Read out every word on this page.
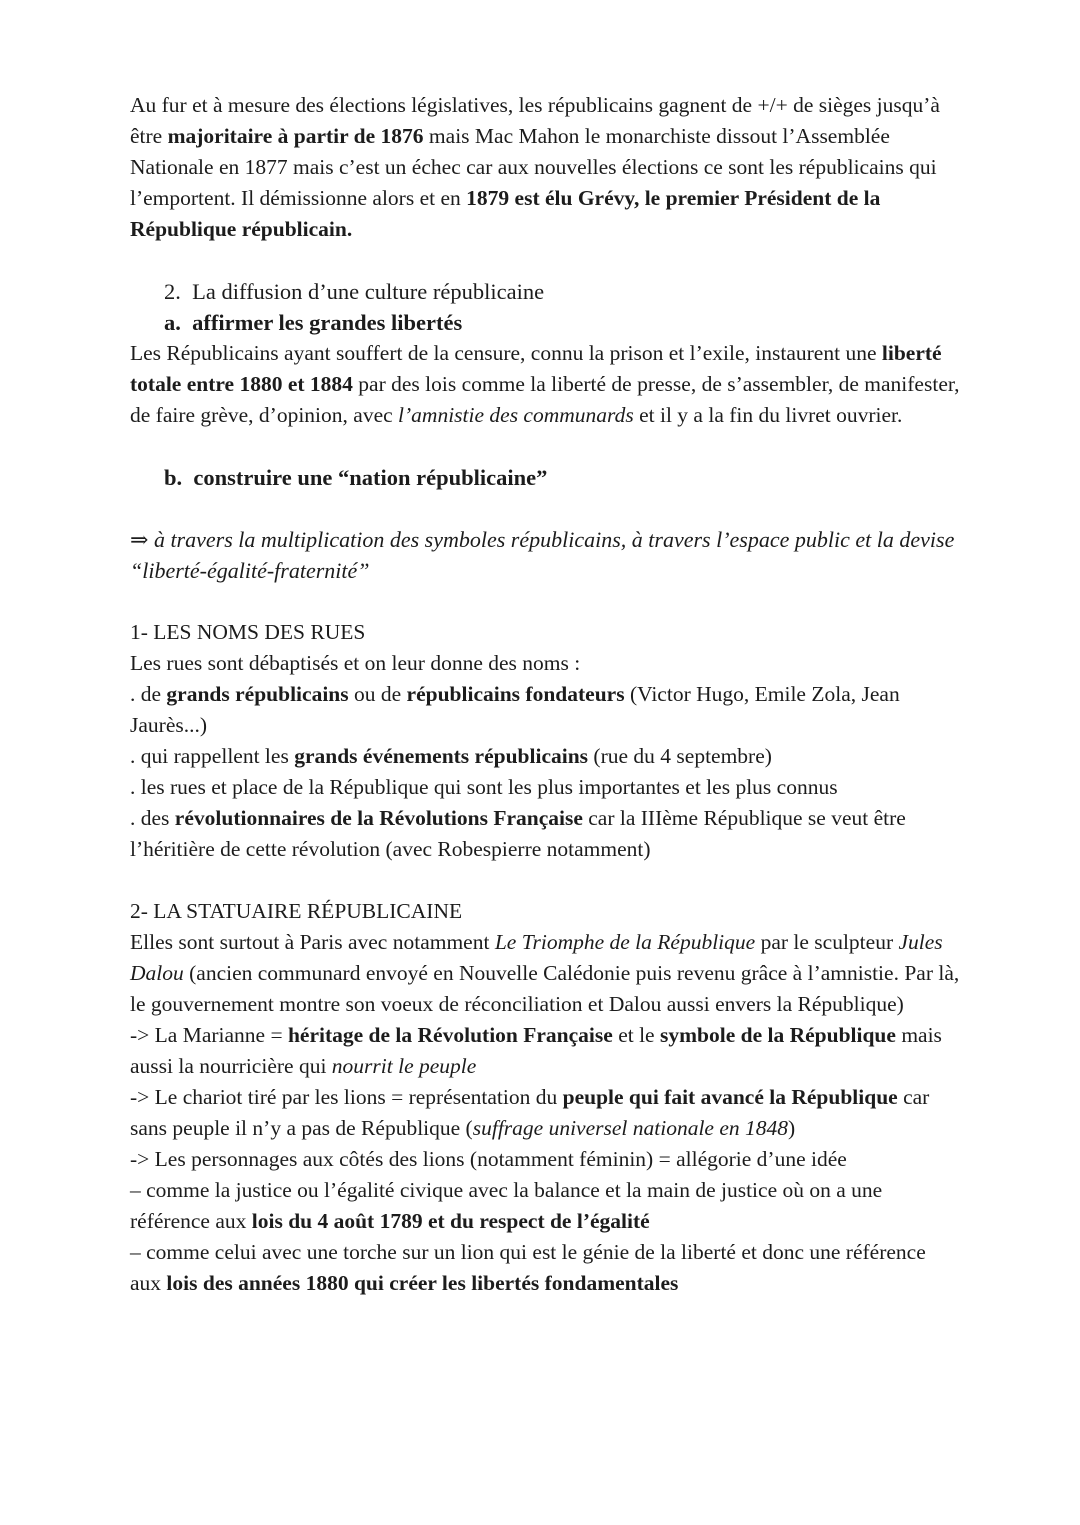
Au fur et à mesure des élections législatives, les républicains gagnent de +/+ de sièges jusqu’à être majoritaire à partir de 1876 mais Mac Mahon le monarchiste dissout l’Assemblée Nationale en 1877 mais c’est un échec car aux nouvelles élections ce sont les républicains qui l’emportent. Il démissionne alors et en 1879 est élu Grévy, le premier Président de la République républicain.

2. La diffusion d’une culture républicaine

a. affirmer les grandes libertés

Les Républicains ayant souffert de la censure, connu la prison et l’exile, instaurent une liberté totale entre 1880 et 1884 par des lois comme la liberté de presse, de s’assembler, de manifester, de faire grève, d’opinion, avec l’amnistie des communards et il y a la fin du livret ouvrier.

b. construire une “nation républicaine”

⇒ à travers la multiplication des symboles républicains, à travers l’espace public et la devise “liberté-égalité-fraternité”

1- LES NOMS DES RUES

Les rues sont débaptisés et on leur donne des noms :

. de grands républicains ou de républicains fondateurs (Victor Hugo, Emile Zola, Jean Jaurès...)

. qui rappellent les grands événements républicains (rue du 4 septembre)

. les rues et place de la République qui sont les plus importantes et les plus connus

. des révolutionnaires de la Révolutions Française car la IIIème République se veut être l’héritière de cette révolution (avec Robespierre notamment)

2- LA STATUAIRE RÉPUBLICAINE

Elles sont surtout à Paris avec notamment Le Triomphe de la République par le sculpteur Jules Dalou (ancien communard envoyé en Nouvelle Calédonie puis revenu grâce à l’amnistie. Par là, le gouvernement montre son voeux de réconciliation et Dalou aussi envers la République)

-> La Marianne = héritage de la Révolution Française et le symbole de la République mais aussi la nourricière qui nourrit le peuple

-> Le chariot tiré par les lions = représentation du peuple qui fait avancé la République car sans peuple il n’y a pas de République (suffrage universel nationale en 1848)

-> Les personnages aux côtés des lions (notamment féminin) = allégorie d’une idée

– comme la justice ou l’égalité civique avec la balance et la main de justice où on a une référence aux lois du 4 août 1789 et du respect de l’égalité

– comme celui avec une torche sur un lion qui est le génie de la liberté et donc une référence aux lois des années 1880 qui créer les libertés fondamentales
